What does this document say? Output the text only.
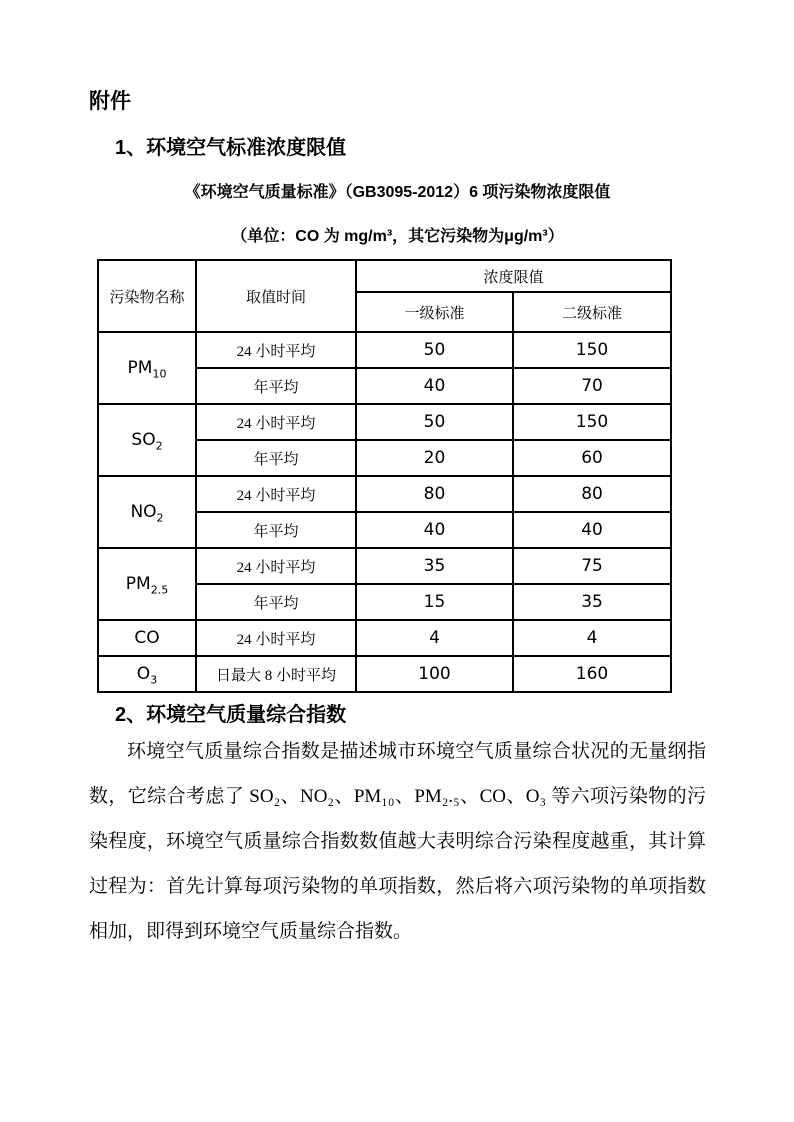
附件
1、环境空气标准浓度限值
《环境空气质量标准》（GB3095-2012）6 项污染物浓度限值
（单位：CO 为 mg/m³，其它污染物为μg/m³）
污染物名称	取值时间	浓度限值	
		一级标准	二级标准
$PM_{10}$	24 小时平均	50	150
	年平均	40	70
$SO_2$	24 小时平均	50	150
	年平均	20	60
$NO_2$	24 小时平均	80	80
	年平均	40	40
$PM_{2.5}$	24 小时平均	35	75
	年平均	15	35
CO	24 小时平均	4	4
$O_3$	日最大 8 小时平均	100	160
2、环境空气质量综合指数

环境空气质量综合指数是描述城市环境空气质量综合状况的无量纲指数，它综合考虑了 SO₂、NO₂、PM₁₀、PM₂.₅、CO、O₃ 等六项污染物的污染程度，环境空气质量综合指数数值越大表明综合污染程度越重，其计算过程为：首先计算每项污染物的单项指数，然后将六项污染物的单项指数相加，即得到环境空气质量综合指数。
